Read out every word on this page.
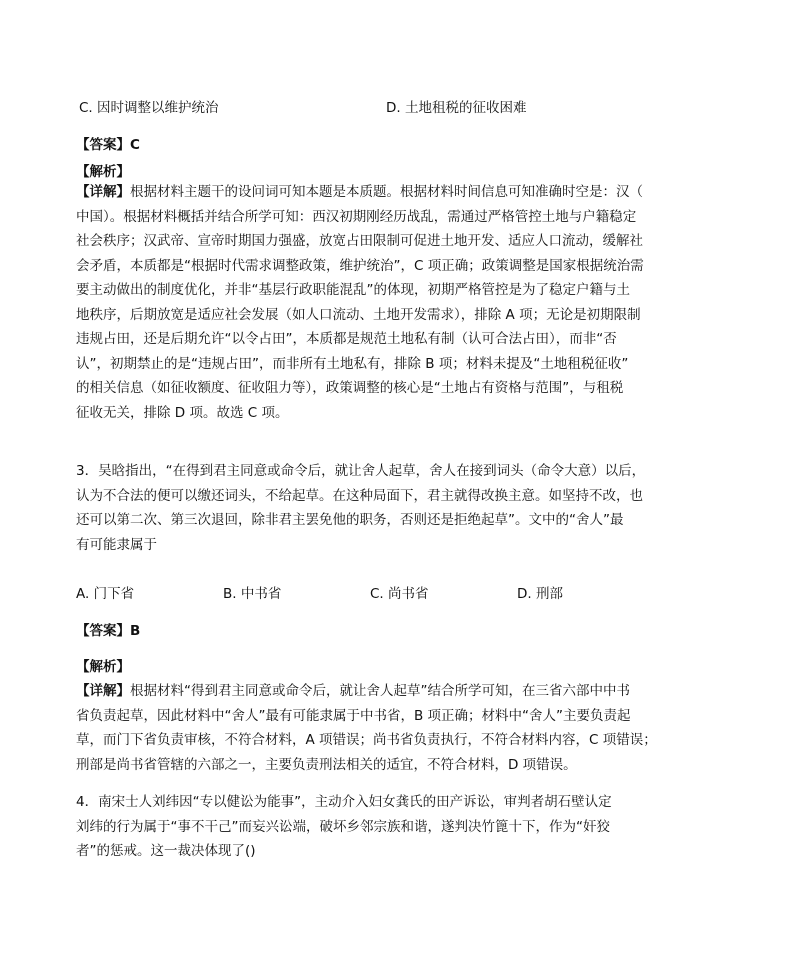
C. 因时调整以维护统治	D. 土地租税的征收困难
【答案】C
【解析】

【详解】根据材料主题干的设问词可知本题是本质题。根据材料时间信息可知准确时空是：汉（

中国）。根据材料概括并结合所学可知：西汉初期刚经历战乱，需通过严格管控土地与户籍稳定

社会秩序；汉武帝、宣帝时期国力强盛，放宽占田限制可促进土地开发、适应人口流动，缓解社

会矛盾，本质都是“根据时代需求调整政策，维护统治”，C 项正确；政策调整是国家根据统治需

要主动做出的制度优化，并非“基层行政职能混乱”的体现，初期严格管控是为了稳定户籍与土

地秩序，后期放宽是适应社会发展（如人口流动、土地开发需求），排除 A 项；无论是初期限制

违规占田，还是后期允许“以令占田”，本质都是规范土地私有制（认可合法占田），而非“否

认”，初期禁止的是“违规占田”，而非所有土地私有，排除 B 项；材料未提及“土地租税征收”

的相关信息（如征收额度、征收阻力等），政策调整的核心是“土地占有资格与范围”，与租税

征收无关，排除 D 项。故选 C 项。

3．吴晗指出，“在得到君主同意或命令后，就让舍人起草，舍人在接到词头（命令大意）以后，

认为不合法的便可以缴还词头，不给起草。在这种局面下，君主就得改换主意。如坚持不改，也

还可以第二次、第三次退回，除非君主罢免他的职务，否则还是拒绝起草”。文中的“舍人”最

有可能隶属于

A. 门下省	B. 中书省	C. 尚书省	D. 刑部
【答案】B
【解析】

【详解】根据材料“得到君主同意或命令后，就让舍人起草”结合所学可知，在三省六部中中书

省负责起草，因此材料中“舍人”最有可能隶属于中书省，B 项正确；材料中“舍人”主要负责起

草，而门下省负责审核，不符合材料，A 项错误；尚书省负责执行，不符合材料内容，C 项错误；

刑部是尚书省管辖的六部之一，主要负责刑法相关的适宜，不符合材料，D 项错误。

4．南宋士人刘纬因“专以健讼为能事”，主动介入妇女龚氏的田产诉讼，审判者胡石壁认定

刘纬的行为属于“事不干己”而妄兴讼端，破坏乡邻宗族和谐，遂判决竹篦十下，作为“奸狡

者”的惩戒。这一裁决体现了()
